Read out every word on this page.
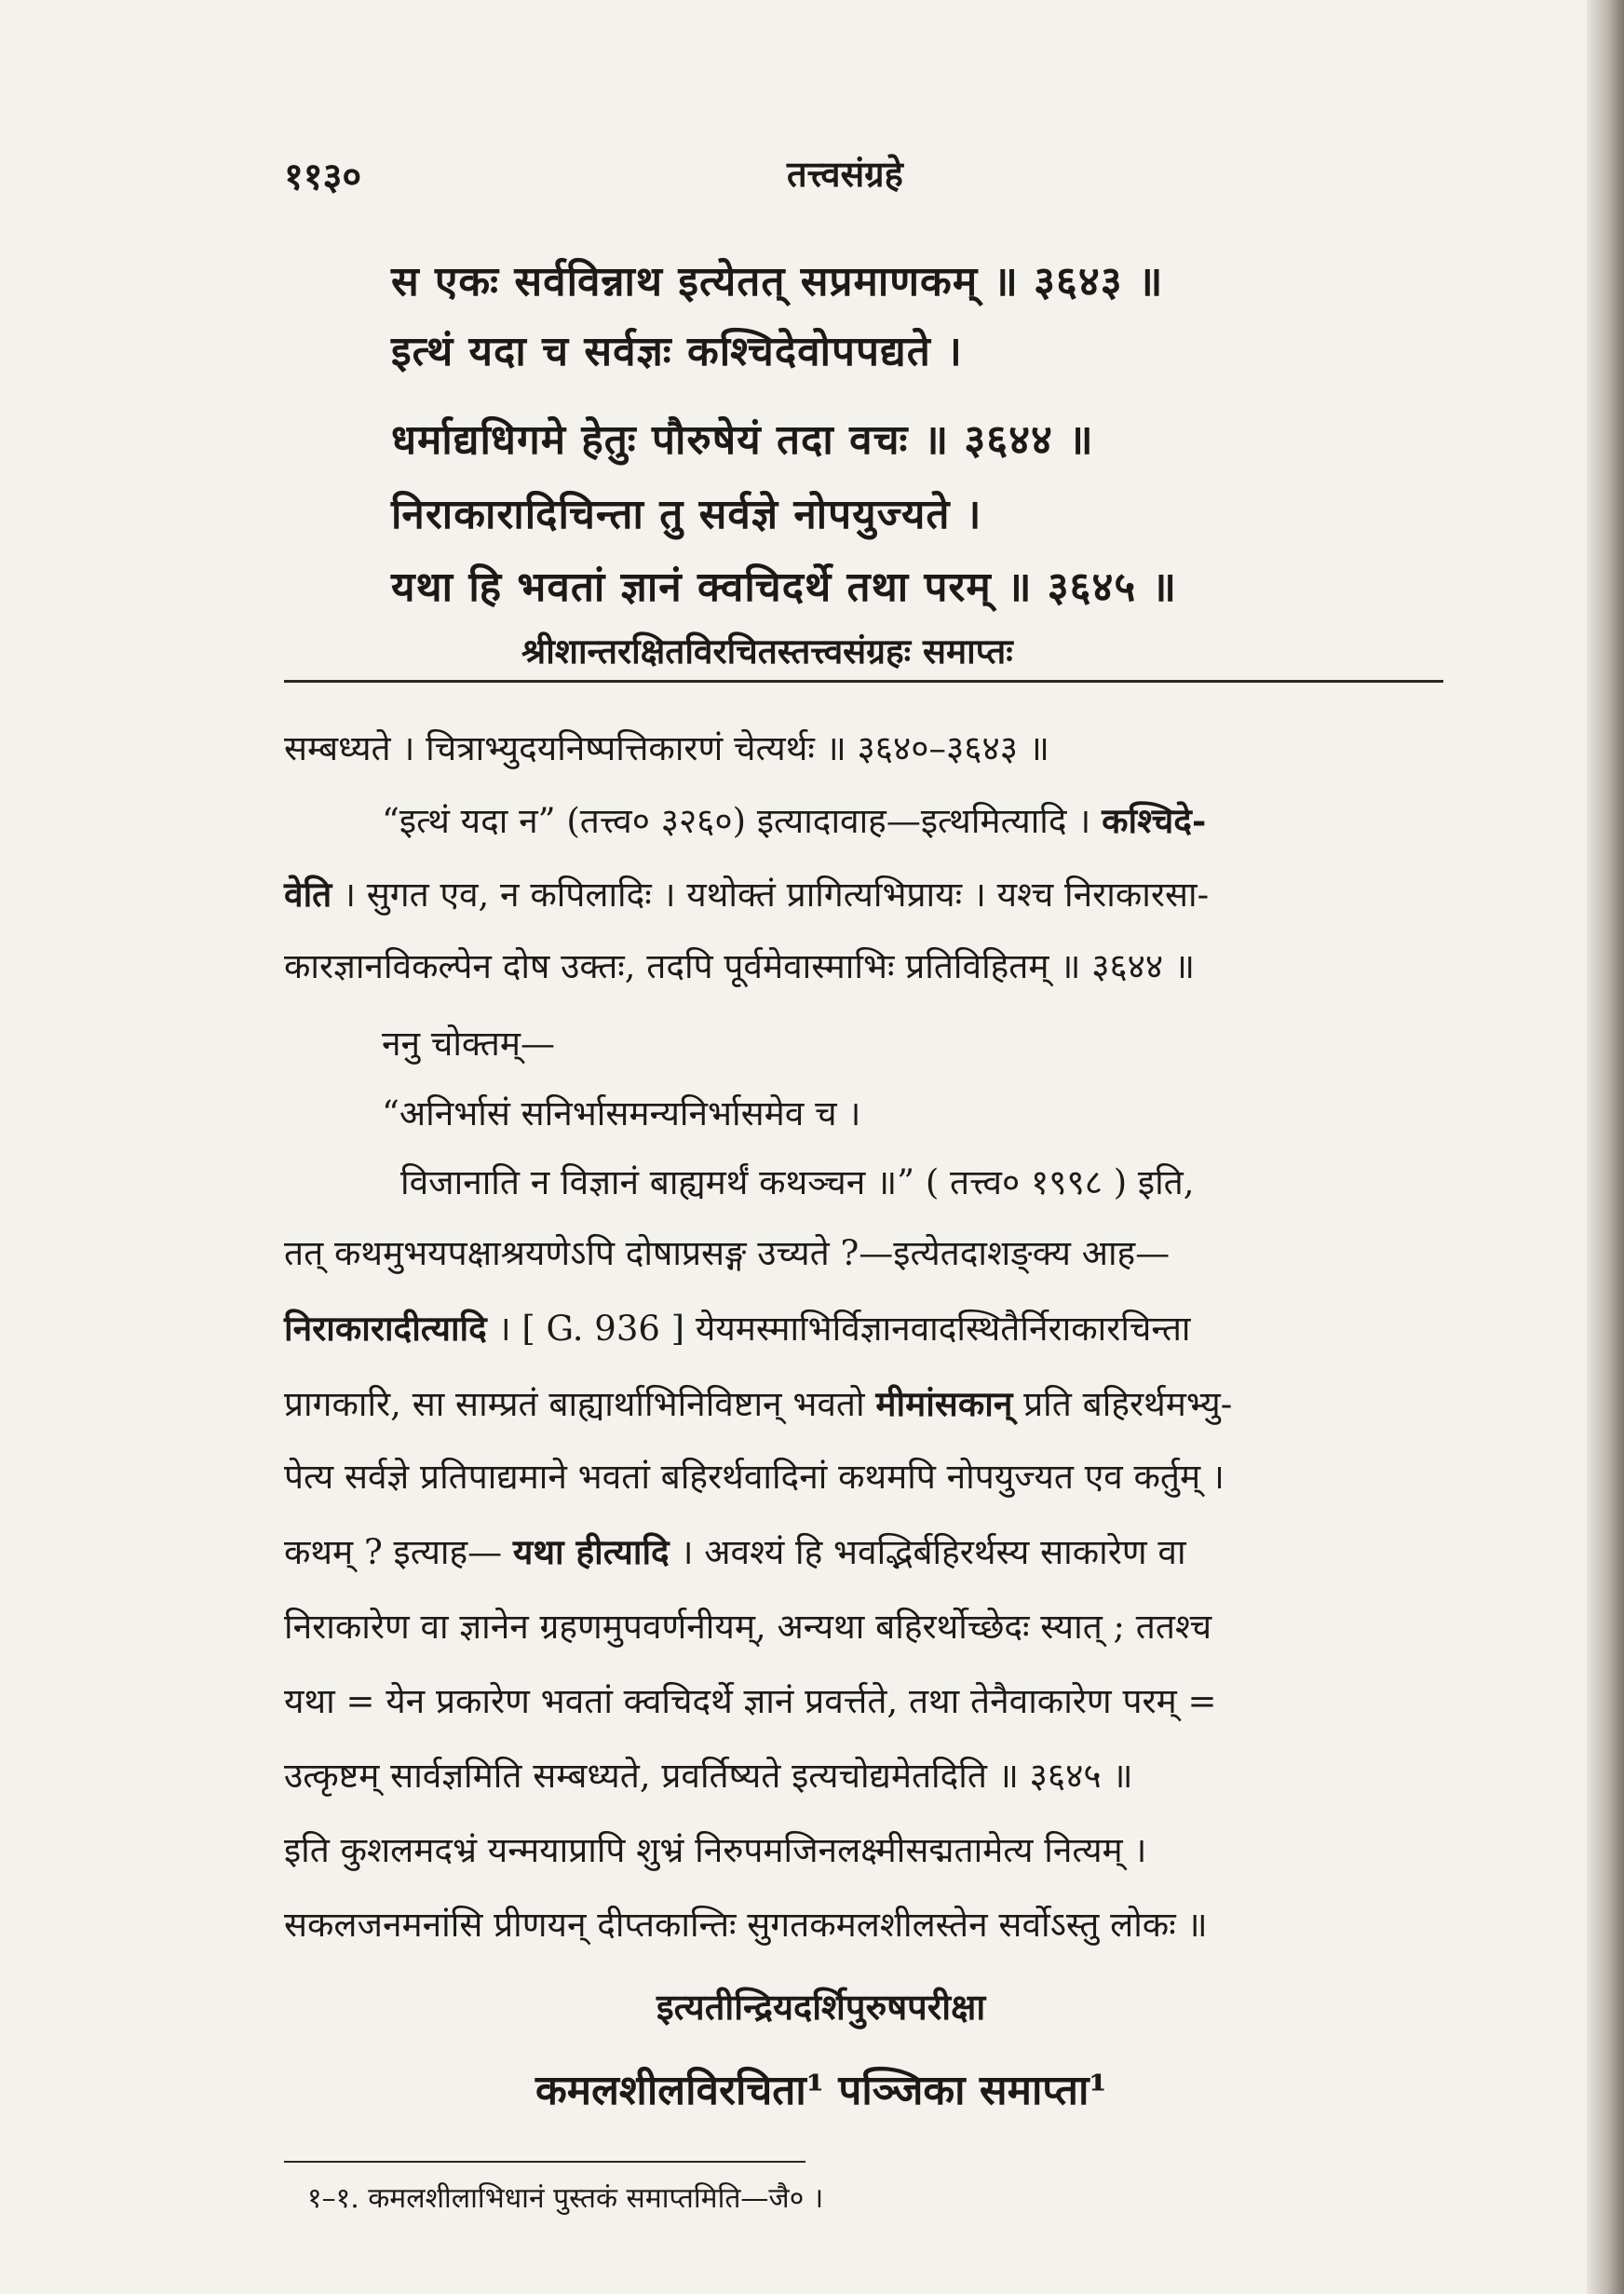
११३०	तत्त्वसंग्रहे
स एकः सर्वविन्नाथ इत्येतत् सप्रमाणकम् ॥ ३६४३ ॥
इत्थं यदा च सर्वज्ञः कश्चिदेवोपपद्यते ।
धर्माद्यधिगमे हेतुः पौरुषेयं तदा वचः ॥ ३६४४ ॥
निराकारादिचिन्ता तु सर्वज्ञे नोपयुज्यते ।
यथा हि भवतां ज्ञानं क्वचिदर्थे तथा परम् ॥ ३६४५ ॥
श्रीशान्तरक्षितविरचितस्तत्त्वसंग्रहः समाप्तः
सम्बध्यते । चित्राभ्युदयनिष्पत्तिकारणं चेत्यर्थः ॥ ३६४०–३६४३ ॥
“इत्थं यदा न” (तत्त्व० ३२६०) इत्यादावाह—इत्थमित्यादि । कश्चिदे-
वेति । सुगत एव, न कपिलादिः । यथोक्तं प्रागित्यभिप्रायः । यश्च निराकारसा-
कारज्ञानविकल्पेन दोष उक्तः, तदपि पूर्वमेवास्माभिः प्रतिविहितम् ॥ ३६४४ ॥
ननु चोक्तम्—
“अनिर्भासं सनिर्भासमन्यनिर्भासमेव च ।
विजानाति न विज्ञानं बाह्यमर्थं कथञ्चन ॥” ( तत्त्व० १९९८ ) इति,
तत् कथमुभयपक्षाश्रयणेऽपि दोषाप्रसङ्ग उच्यते ?—इत्येतदाशङ्क्य आह—
निराकारादीत्यादि । [ G. 936 ] येयमस्माभिर्विज्ञानवादस्थितैर्निराकारचिन्ता
प्रागकारि, सा साम्प्रतं बाह्यार्थाभिनिविष्टान् भवतो मीमांसकान् प्रति बहिरर्थमभ्यु-
पेत्य सर्वज्ञे प्रतिपाद्यमाने भवतां बहिरर्थवादिनां कथमपि नोपयुज्यत एव कर्तुम् ।
कथम् ? इत्याह— यथा हीत्यादि । अवश्यं हि भवद्भिर्बहिरर्थस्य साकारेण वा
निराकारेण वा ज्ञानेन ग्रहणमुपवर्णनीयम्, अन्यथा बहिरर्थोच्छेदः स्यात् ; ततश्च
यथा = येन प्रकारेण भवतां क्वचिदर्थे ज्ञानं प्रवर्त्तते, तथा तेनैवाकारेण परम् =
उत्कृष्टम् सार्वज्ञमिति सम्बध्यते, प्रवर्तिष्यते इत्यचोद्यमेतदिति ॥ ३६४५ ॥
इति कुशलमदभ्रं यन्मयाप्रापि शुभ्रं निरुपमजिनलक्ष्मीसद्मतामेत्य नित्यम् ।
सकलजनमनांसि प्रीणयन् दीप्तकान्तिः सुगतकमलशीलस्तेन सर्वोऽस्तु लोकः ॥
इत्यतीन्द्रियदर्शिपुरुषपरीक्षा
कमलशीलविरचिता¹ पञ्जिका समाप्ता¹
१–१. कमलशीलाभिधानं पुस्तकं समाप्तमिति—जै० ।
